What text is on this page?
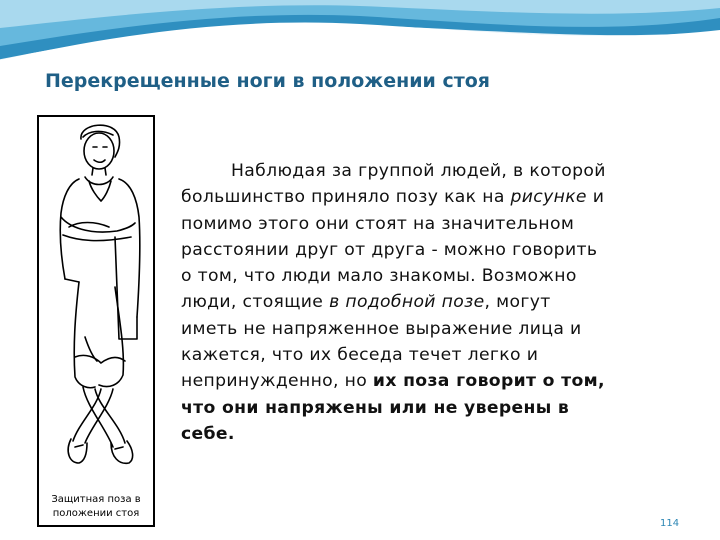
Перекрещенные ноги в положении стоя
Защитная поза в
положении стоя
Наблюдая за группой людей, в которой
большинство приняло позу как на рисунке и
помимо этого они стоят на значительном
расстоянии друг от друга - можно говорить
о том, что люди мало знакомы. Возможно
люди, стоящие в подобной позе, могут
иметь не напряженное выражение лица и
кажется, что их беседа течет легко и
непринужденно, но их поза говорит о том,
что они напряжены или не уверены в
себе.
114
